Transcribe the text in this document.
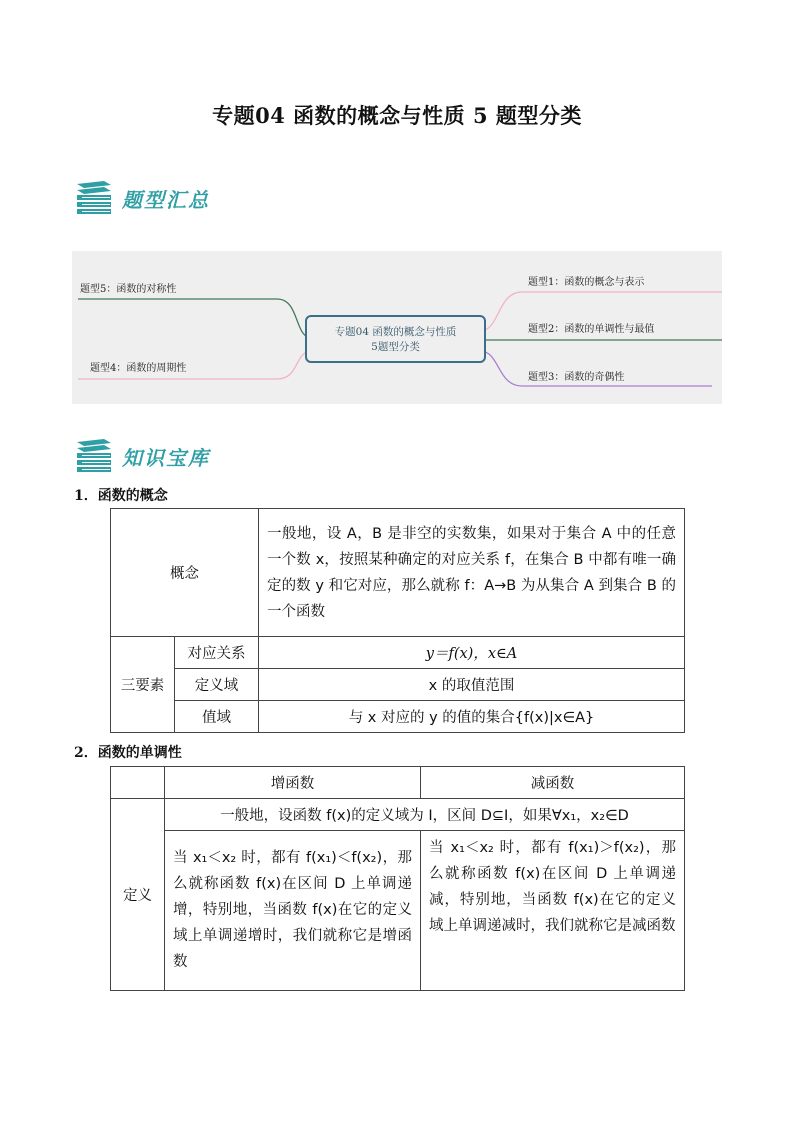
专题04 函数的概念与性质 5 题型分类
题型汇总
题型5：函数的对称性
题型4：函数的周期性
题型1：函数的概念与表示
题型2：函数的单调性与最值
题型3：函数的奇偶性
专题04 函数的概念与性质
5题型分类
知识宝库
1．函数的概念
概念		一般地，设 A，B 是非空的实数集，如果对于集合 A 中的任意一个数 x，按照某种确定的对应关系 f，在集合 B 中都有唯一确定的数 y 和它对应，那么就称 f：A→B 为从集合 A 到集合 B 的一个函数
三要素	对应关系	y＝f(x)，x∈A
	定义域	x 的取值范围
	值域	与 x 对应的 y 的值的集合{f(x)|x∈A}
2．函数的单调性
	增函数	减函数
定义	一般地，设函数 f(x)的定义域为 I，区间 D⊆I，如果∀x₁，x₂∈D	
	当 x₁＜x₂ 时，都有 f(x₁)＜f(x₂)，那么就称函数 f(x)在区间 D 上单调递增，特别地，当函数 f(x)在它的定义域上单调递增时，我们就称它是增函数	当 x₁＜x₂ 时，都有 f(x₁)＞f(x₂)，那么就称函数 f(x)在区间 D 上单调递减，特别地，当函数 f(x)在它的定义域上单调递减时，我们就称它是减函数
